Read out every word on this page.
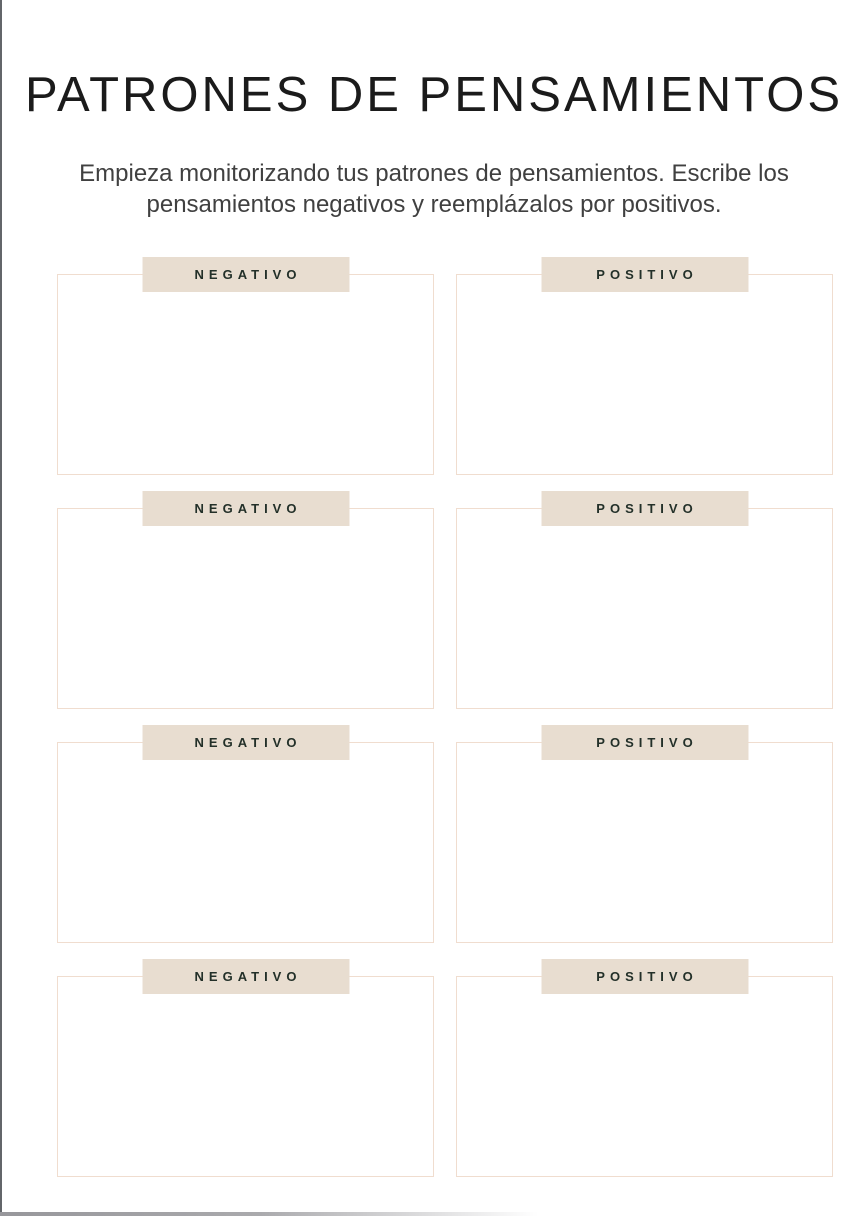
PATRONES DE PENSAMIENTOS
Empieza monitorizando tus patrones de pensamientos. Escribe los
pensamientos negativos y reemplázalos por positivos.
NEGATIVO	POSITIVO
NEGATIVO	POSITIVO
NEGATIVO	POSITIVO
NEGATIVO	POSITIVO
